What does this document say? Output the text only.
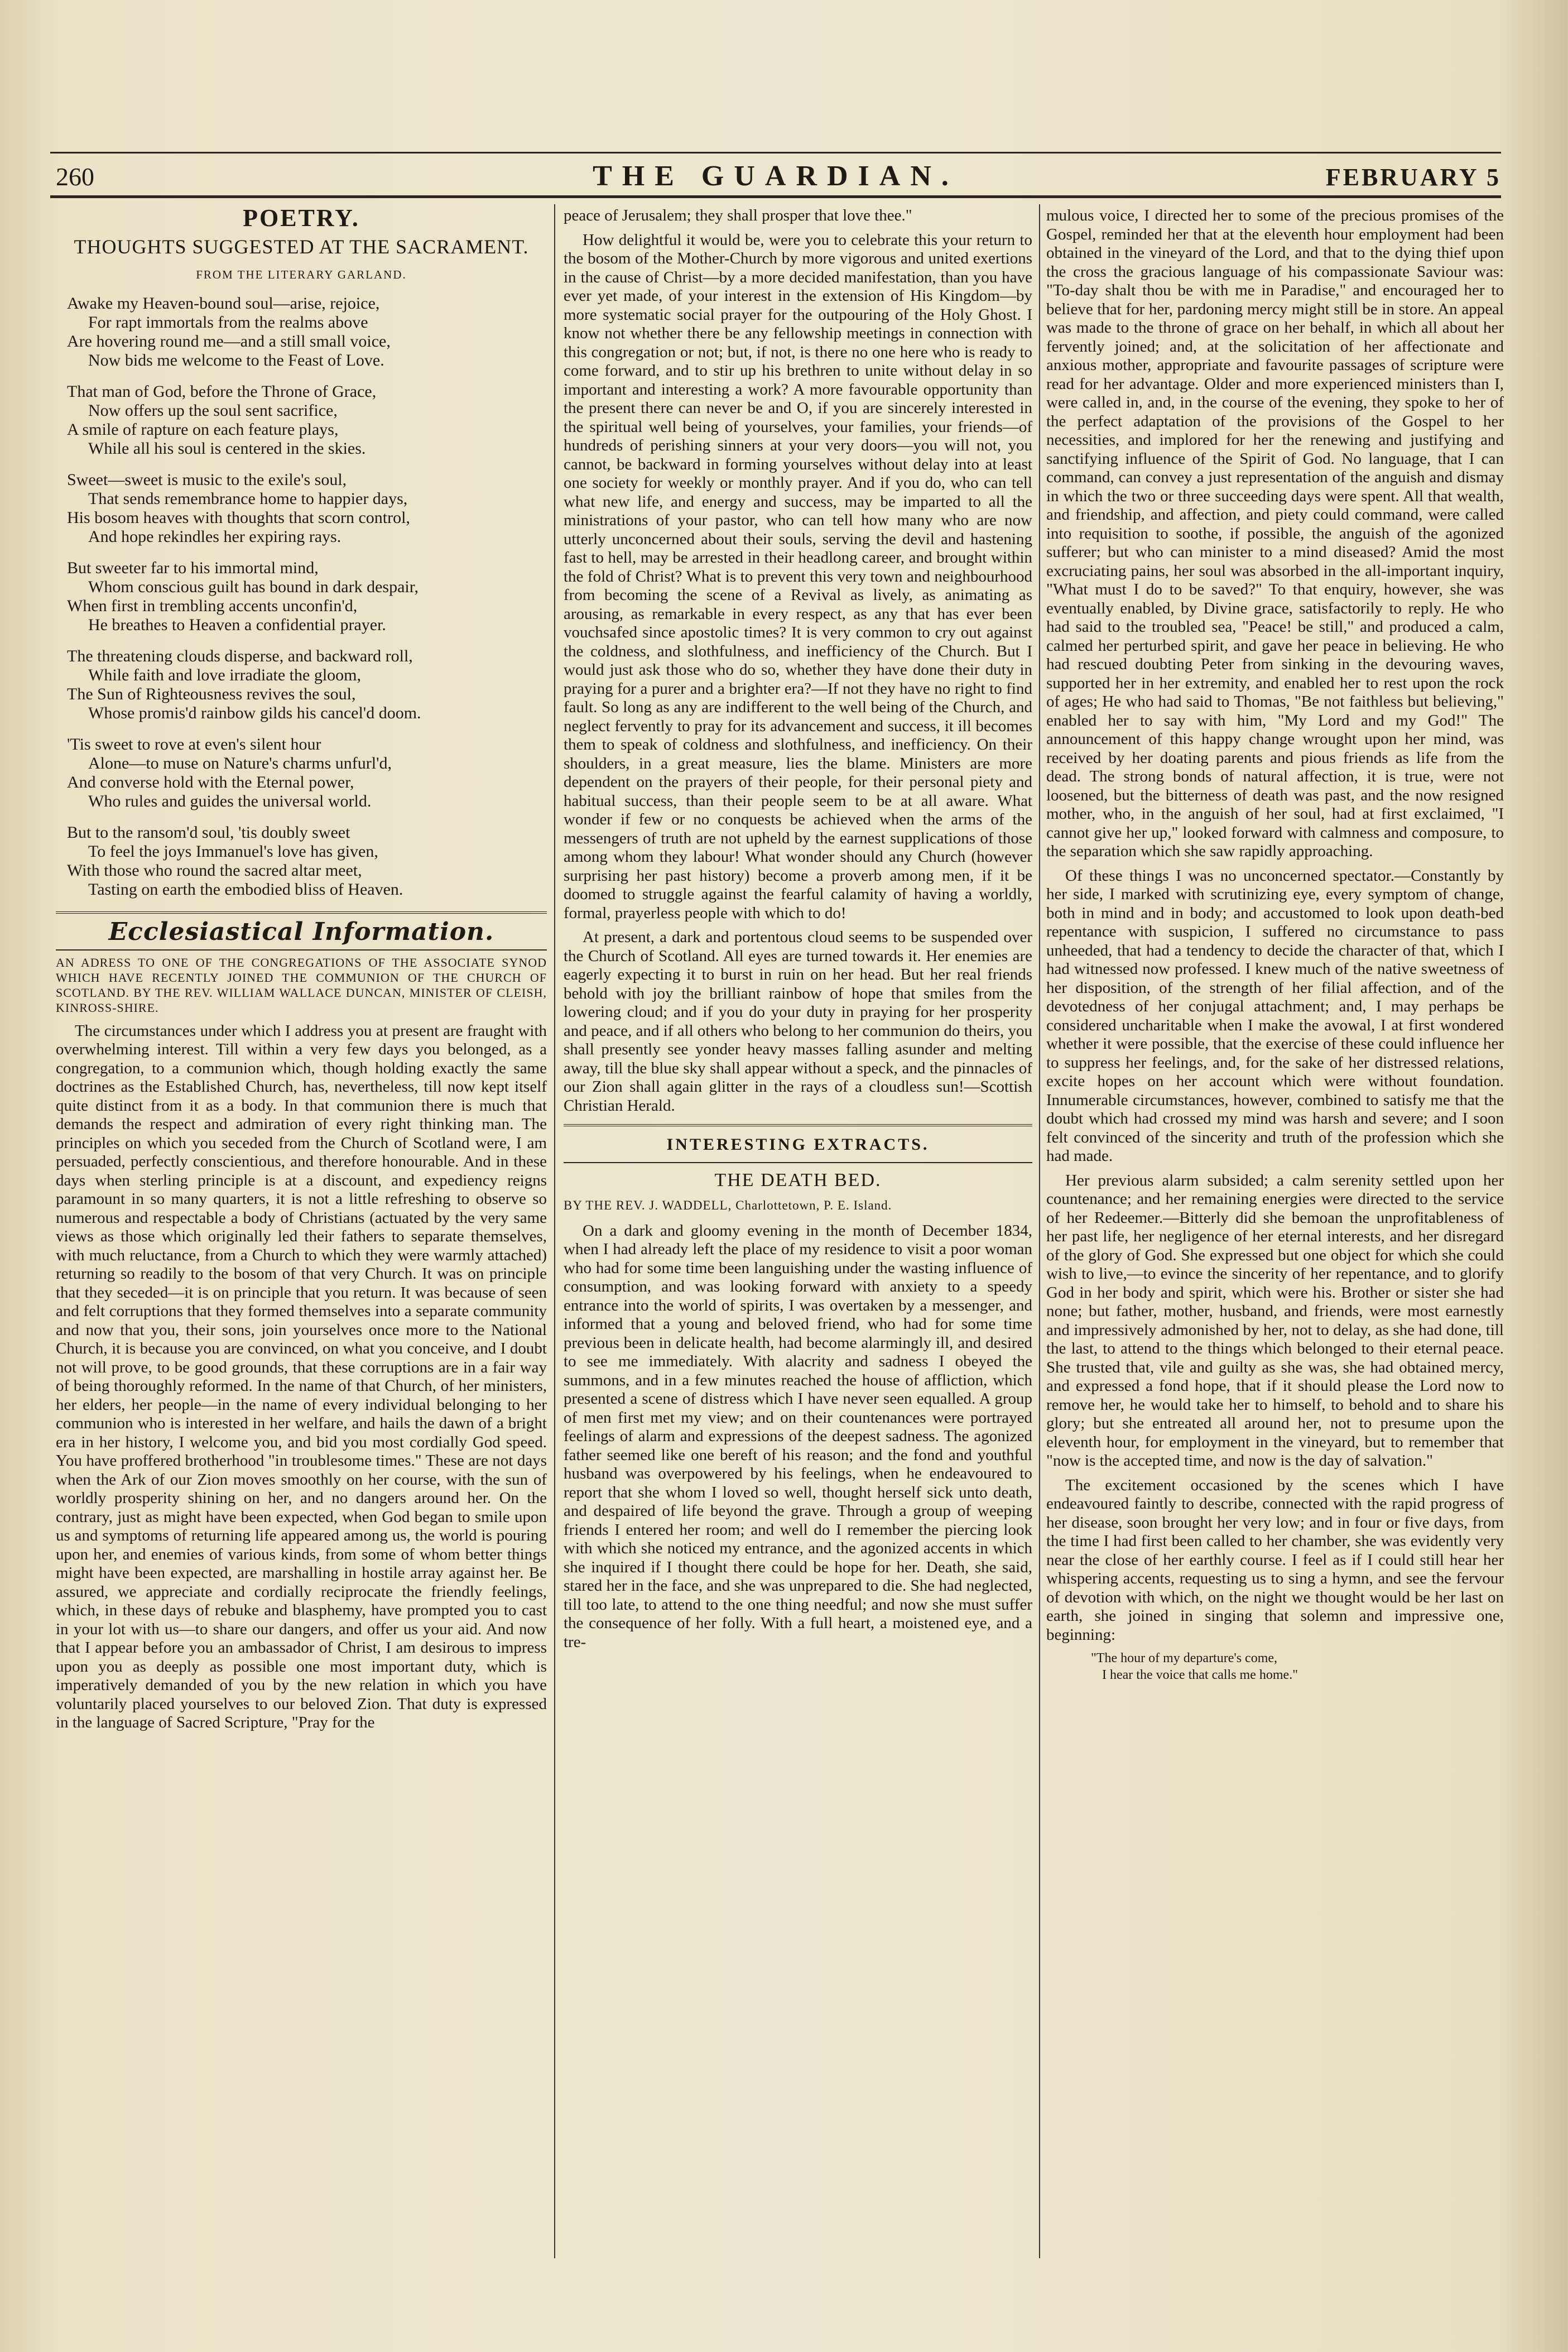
260	THE GUARDIAN.	FEBRUARY 5
POETRY.
THOUGHTS SUGGESTED AT THE SACRAMENT.
FROM THE LITERARY GARLAND.

Awake my Heaven-bound soul—arise, rejoice,

For rapt immortals from the realms above

Are hovering round me—and a still small voice,

Now bids me welcome to the Feast of Love.

That man of God, before the Throne of Grace,

Now offers up the soul sent sacrifice,

A smile of rapture on each feature plays,

While all his soul is centered in the skies.

Sweet—sweet is music to the exile's soul,

That sends remembrance home to happier days,

His bosom heaves with thoughts that scorn control,

And hope rekindles her expiring rays.

But sweeter far to his immortal mind,

Whom conscious guilt has bound in dark despair,

When first in trembling accents unconfin'd,

He breathes to Heaven a confidential prayer.

The threatening clouds disperse, and backward roll,

While faith and love irradiate the gloom,

The Sun of Righteousness revives the soul,

Whose promis'd rainbow gilds his cancel'd doom.

'Tis sweet to rove at even's silent hour

Alone—to muse on Nature's charms unfurl'd,

And converse hold with the Eternal power,

Who rules and guides the universal world.

But to the ransom'd soul, 'tis doubly sweet

To feel the joys Immanuel's love has given,

With those who round the sacred altar meet,

Tasting on earth the embodied bliss of Heaven.

Ecclesiastical Information.
AN ADRESS TO ONE OF THE CONGREGATIONS OF THE ASSOCIATE SYNOD WHICH HAVE RECENTLY JOINED THE COMMUNION OF THE CHURCH OF SCOTLAND. BY THE REV. WILLIAM WALLACE DUNCAN, MINISTER OF CLEISH, KINROSS-SHIRE.

The circumstances under which I address you at present are fraught with overwhelming interest. Till within a very few days you belonged, as a congregation, to a communion which, though holding exactly the same doctrines as the Established Church, has, nevertheless, till now kept itself quite distinct from it as a body. In that communion there is much that demands the respect and admiration of every right thinking man. The principles on which you seceded from the Church of Scotland were, I am persuaded, perfectly conscientious, and therefore honourable. And in these days when sterling principle is at a discount, and expediency reigns paramount in so many quarters, it is not a little refreshing to observe so numerous and respectable a body of Christians (actuated by the very same views as those which originally led their fathers to separate themselves, with much reluctance, from a Church to which they were warmly attached) returning so readily to the bosom of that very Church. It was on principle that they seceded—it is on principle that you return. It was because of seen and felt corruptions that they formed themselves into a separate community and now that you, their sons, join yourselves once more to the National Church, it is because you are convinced, on what you conceive, and I doubt not will prove, to be good grounds, that these corruptions are in a fair way of being thoroughly reformed. In the name of that Church, of her ministers, her elders, her people—in the name of every individual belonging to her communion who is interested in her welfare, and hails the dawn of a bright era in her history, I welcome you, and bid you most cordially God speed. You have proffered brotherhood "in troublesome times." These are not days when the Ark of our Zion moves smoothly on her course, with the sun of worldly prosperity shining on her, and no dangers around her. On the contrary, just as might have been expected, when God began to smile upon us and symptoms of returning life appeared among us, the world is pouring upon her, and enemies of various kinds, from some of whom better things might have been expected, are marshalling in hostile array against her. Be assured, we appreciate and cordially reciprocate the friendly feelings, which, in these days of rebuke and blasphemy, have prompted you to cast in your lot with us—to share our dangers, and offer us your aid. And now that I appear before you an ambassador of Christ, I am desirous to impress upon you as deeply as possible one most important duty, which is imperatively demanded of you by the new relation in which you have voluntarily placed yourselves to our beloved Zion. That duty is expressed in the language of Sacred Scripture, "Pray for the

peace of Jerusalem; they shall prosper that love thee."

How delightful it would be, were you to celebrate this your return to the bosom of the Mother-Church by more vigorous and united exertions in the cause of Christ—by a more decided manifestation, than you have ever yet made, of your interest in the extension of His Kingdom—by more systematic social prayer for the outpouring of the Holy Ghost. I know not whether there be any fellowship meetings in connection with this congregation or not; but, if not, is there no one here who is ready to come forward, and to stir up his brethren to unite without delay in so important and interesting a work? A more favourable opportunity than the present there can never be and O, if you are sincerely interested in the spiritual well being of yourselves, your families, your friends—of hundreds of perishing sinners at your very doors—you will not, you cannot, be backward in forming yourselves without delay into at least one society for weekly or monthly prayer. And if you do, who can tell what new life, and energy and success, may be imparted to all the ministrations of your pastor, who can tell how many who are now utterly unconcerned about their souls, serving the devil and hastening fast to hell, may be arrested in their headlong career, and brought within the fold of Christ? What is to prevent this very town and neighbourhood from becoming the scene of a Revival as lively, as animating as arousing, as remarkable in every respect, as any that has ever been vouchsafed since apostolic times? It is very common to cry out against the coldness, and slothfulness, and inefficiency of the Church. But I would just ask those who do so, whether they have done their duty in praying for a purer and a brighter era?—If not they have no right to find fault. So long as any are indifferent to the well being of the Church, and neglect fervently to pray for its advancement and success, it ill becomes them to speak of coldness and slothfulness, and inefficiency. On their shoulders, in a great measure, lies the blame. Ministers are more dependent on the prayers of their people, for their personal piety and habitual success, than their people seem to be at all aware. What wonder if few or no conquests be achieved when the arms of the messengers of truth are not upheld by the earnest supplications of those among whom they labour! What wonder should any Church (however surprising her past history) become a proverb among men, if it be doomed to struggle against the fearful calamity of having a worldly, formal, prayerless people with which to do!

At present, a dark and portentous cloud seems to be suspended over the Church of Scotland. All eyes are turned towards it. Her enemies are eagerly expecting it to burst in ruin on her head. But her real friends behold with joy the brilliant rainbow of hope that smiles from the lowering cloud; and if you do your duty in praying for her prosperity and peace, and if all others who belong to her communion do theirs, you shall presently see yonder heavy masses falling asunder and melting away, till the blue sky shall appear without a speck, and the pinnacles of our Zion shall again glitter in the rays of a cloudless sun!—Scottish Christian Herald.

INTERESTING EXTRACTS.
THE DEATH BED.
BY THE REV. J. WADDELL, Charlottetown, P. E. Island.

On a dark and gloomy evening in the month of December 1834, when I had already left the place of my residence to visit a poor woman who had for some time been languishing under the wasting influence of consumption, and was looking forward with anxiety to a speedy entrance into the world of spirits, I was overtaken by a messenger, and informed that a young and beloved friend, who had for some time previous been in delicate health, had become alarmingly ill, and desired to see me immediately. With alacrity and sadness I obeyed the summons, and in a few minutes reached the house of affliction, which presented a scene of distress which I have never seen equalled. A group of men first met my view; and on their countenances were portrayed feelings of alarm and expressions of the deepest sadness. The agonized father seemed like one bereft of his reason; and the fond and youthful husband was overpowered by his feelings, when he endeavoured to report that she whom I loved so well, thought herself sick unto death, and despaired of life beyond the grave. Through a group of weeping friends I entered her room; and well do I remember the piercing look with which she noticed my entrance, and the agonized accents in which she inquired if I thought there could be hope for her. Death, she said, stared her in the face, and she was unprepared to die. She had neglected, till too late, to attend to the one thing needful; and now she must suffer the consequence of her folly. With a full heart, a moistened eye, and a tre-

mulous voice, I directed her to some of the precious promises of the Gospel, reminded her that at the eleventh hour employment had been obtained in the vineyard of the Lord, and that to the dying thief upon the cross the gracious language of his compassionate Saviour was: "To-day shalt thou be with me in Paradise," and encouraged her to believe that for her, pardoning mercy might still be in store. An appeal was made to the throne of grace on her behalf, in which all about her fervently joined; and, at the solicitation of her affectionate and anxious mother, appropriate and favourite passages of scripture were read for her advantage. Older and more experienced ministers than I, were called in, and, in the course of the evening, they spoke to her of the perfect adaptation of the provisions of the Gospel to her necessities, and implored for her the renewing and justifying and sanctifying influence of the Spirit of God. No language, that I can command, can convey a just representation of the anguish and dismay in which the two or three succeeding days were spent. All that wealth, and friendship, and affection, and piety could command, were called into requisition to soothe, if possible, the anguish of the agonized sufferer; but who can minister to a mind diseased? Amid the most excruciating pains, her soul was absorbed in the all-important inquiry, "What must I do to be saved?" To that enquiry, however, she was eventually enabled, by Divine grace, satisfactorily to reply. He who had said to the troubled sea, "Peace! be still," and produced a calm, calmed her perturbed spirit, and gave her peace in believing. He who had rescued doubting Peter from sinking in the devouring waves, supported her in her extremity, and enabled her to rest upon the rock of ages; He who had said to Thomas, "Be not faithless but believing," enabled her to say with him, "My Lord and my God!" The announcement of this happy change wrought upon her mind, was received by her doating parents and pious friends as life from the dead. The strong bonds of natural affection, it is true, were not loosened, but the bitterness of death was past, and the now resigned mother, who, in the anguish of her soul, had at first exclaimed, "I cannot give her up," looked forward with calmness and composure, to the separation which she saw rapidly approaching.

Of these things I was no unconcerned spectator.—Constantly by her side, I marked with scrutinizing eye, every symptom of change, both in mind and in body; and accustomed to look upon death-bed repentance with suspicion, I suffered no circumstance to pass unheeded, that had a tendency to decide the character of that, which I had witnessed now professed. I knew much of the native sweetness of her disposition, of the strength of her filial affection, and of the devotedness of her conjugal attachment; and, I may perhaps be considered uncharitable when I make the avowal, I at first wondered whether it were possible, that the exercise of these could influence her to suppress her feelings, and, for the sake of her distressed relations, excite hopes on her account which were without foundation. Innumerable circumstances, however, combined to satisfy me that the doubt which had crossed my mind was harsh and severe; and I soon felt convinced of the sincerity and truth of the profession which she had made.

Her previous alarm subsided; a calm serenity settled upon her countenance; and her remaining energies were directed to the service of her Redeemer.—Bitterly did she bemoan the unprofitableness of her past life, her negligence of her eternal interests, and her disregard of the glory of God. She expressed but one object for which she could wish to live,—to evince the sincerity of her repentance, and to glorify God in her body and spirit, which were his. Brother or sister she had none; but father, mother, husband, and friends, were most earnestly and impressively admonished by her, not to delay, as she had done, till the last, to attend to the things which belonged to their eternal peace. She trusted that, vile and guilty as she was, she had obtained mercy, and expressed a fond hope, that if it should please the Lord now to remove her, he would take her to himself, to behold and to share his glory; but she entreated all around her, not to presume upon the eleventh hour, for employment in the vineyard, but to remember that "now is the accepted time, and now is the day of salvation."

The excitement occasioned by the scenes which I have endeavoured faintly to describe, connected with the rapid progress of her disease, soon brought her very low; and in four or five days, from the time I had first been called to her chamber, she was evidently very near the close of her earthly course. I feel as if I could still hear her whispering accents, requesting us to sing a hymn, and see the fervour of devotion with which, on the night we thought would be her last on earth, she joined in singing that solemn and impressive one, beginning:

"The hour of my departure's come,

I hear the voice that calls me home."
